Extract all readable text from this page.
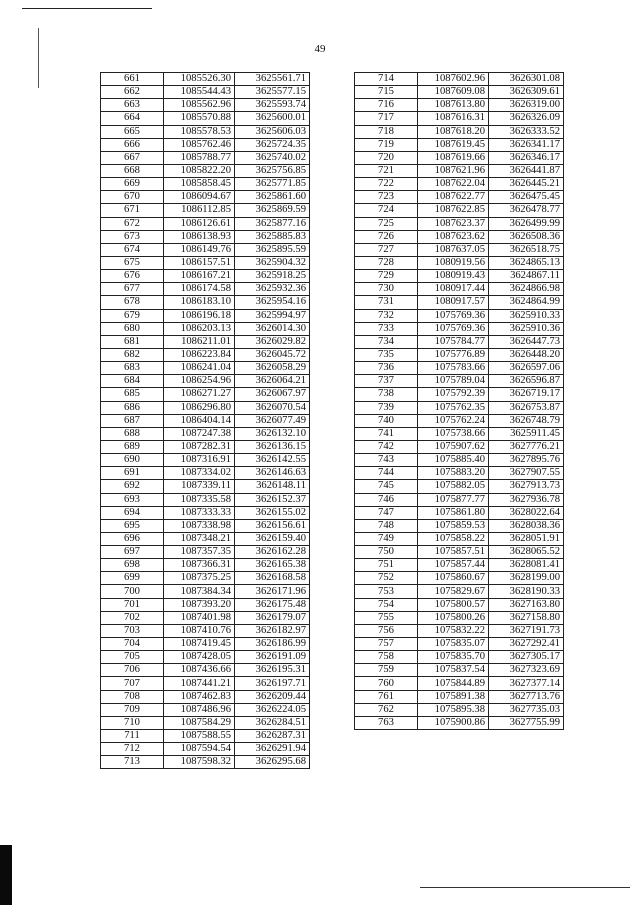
49
661	1085526.30	3625561.71
662	1085544.43	3625577.15
663	1085562.96	3625593.74
664	1085570.88	3625600.01
665	1085578.53	3625606.03
666	1085762.46	3625724.35
667	1085788.77	3625740.02
668	1085822.20	3625756.85
669	1085858.45	3625771.85
670	1086094.67	3625861.60
671	1086112.85	3625869.59
672	1086126.61	3625877.16
673	1086138.93	3625885.83
674	1086149.76	3625895.59
675	1086157.51	3625904.32
676	1086167.21	3625918.25
677	1086174.58	3625932.36
678	1086183.10	3625954.16
679	1086196.18	3625994.97
680	1086203.13	3626014.30
681	1086211.01	3626029.82
682	1086223.84	3626045.72
683	1086241.04	3626058.29
684	1086254.96	3626064.21
685	1086271.27	3626067.97
686	1086296.80	3626070.54
687	1086404.14	3626077.49
688	1087247.38	3626132.10
689	1087282.31	3626136.15
690	1087316.91	3626142.55
691	1087334.02	3626146.63
692	1087339.11	3626148.11
693	1087335.58	3626152.37
694	1087333.33	3626155.02
695	1087338.98	3626156.61
696	1087348.21	3626159.40
697	1087357.35	3626162.28
698	1087366.31	3626165.38
699	1087375.25	3626168.58
700	1087384.34	3626171.96
701	1087393.20	3626175.48
702	1087401.98	3626179.07
703	1087410.76	3626182.97
704	1087419.45	3626186.99
705	1087428.05	3626191.09
706	1087436.66	3626195.31
707	1087441.21	3626197.71
708	1087462.83	3626209.44
709	1087486.96	3626224.05
710	1087584.29	3626284.51
711	1087588.55	3626287.31
712	1087594.54	3626291.94
713	1087598.32	3626295.68
714	1087602.96	3626301.08
715	1087609.08	3626309.61
716	1087613.80	3626319.00
717	1087616.31	3626326.09
718	1087618.20	3626333.52
719	1087619.45	3626341.17
720	1087619.66	3626346.17
721	1087621.96	3626441.87
722	1087622.04	3626445.21
723	1087622.77	3626475.45
724	1087622.85	3626478.77
725	1087623.37	3626499.99
726	1087623.62	3626508.36
727	1087637.05	3626518.75
728	1080919.56	3624865.13
729	1080919.43	3624867.11
730	1080917.44	3624866.98
731	1080917.57	3624864.99
732	1075769.36	3625910.33
733	1075769.36	3625910.36
734	1075784.77	3626447.73
735	1075776.89	3626448.20
736	1075783.66	3626597.06
737	1075789.04	3626596.87
738	1075792.39	3626719.17
739	1075762.35	3626753.87
740	1075762.24	3626748.79
741	1075738.66	3625911.45
742	1075907.62	3627776.21
743	1075885.40	3627895.76
744	1075883.20	3627907.55
745	1075882.05	3627913.73
746	1075877.77	3627936.78
747	1075861.80	3628022.64
748	1075859.53	3628038.36
749	1075858.22	3628051.91
750	1075857.51	3628065.52
751	1075857.44	3628081.41
752	1075860.67	3628199.00
753	1075829.67	3628190.33
754	1075800.57	3627163.80
755	1075800.26	3627158.80
756	1075832.22	3627191.73
757	1075835.07	3627292.41
758	1075835.70	3627305.17
759	1075837.54	3627323.69
760	1075844.89	3627377.14
761	1075891.38	3627713.76
762	1075895.38	3627735.03
763	1075900.86	3627755.99
